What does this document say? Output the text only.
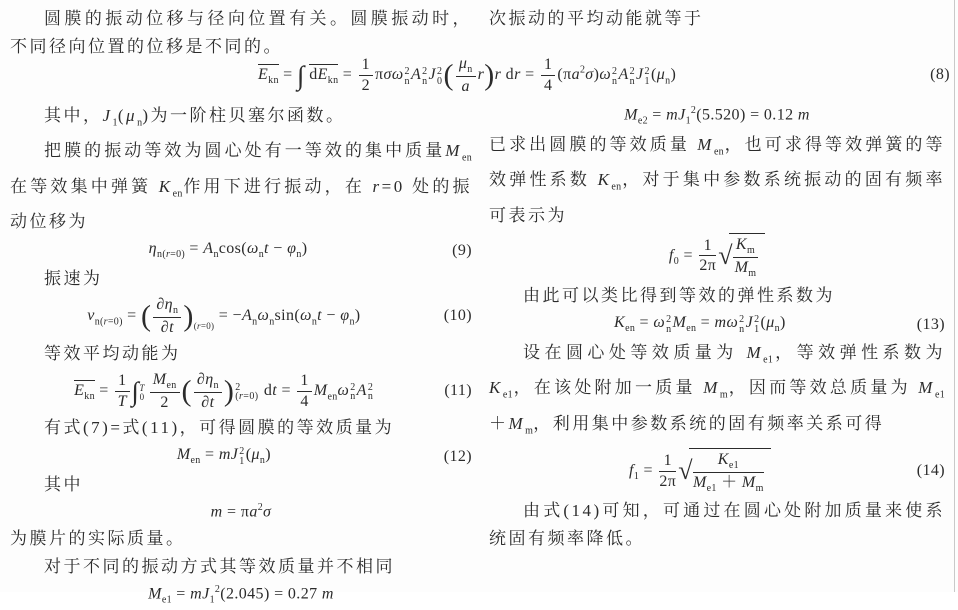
圆膜的振动位移与径向位置有关。圆膜振动时，不同径向位置的位移是不同的。

次振动的平均动能就等于

$E_{kn}$ = ∫ $dE_{kn} = \frac{1}{2}$ πσω 2
n A 2
n J 2
0 ( $\frac{\mu_n}{a} r)r$ dr = $\frac{1}{4} (\pi a^2\sigma)\omega$ 2
n A 2
n J 2
1 $(\mu_n)$	(8)

其中，$J_1(\mu_n)$为一阶柱贝塞尔函数。

把膜的振动等效为圆心处有一等效的集中质量$M_{en}$在等效集中弹簧 $K_{en}$作用下进行振动，在 r=0 处的振动位移为

$\eta_{n(r=0)} = A_n\cos(\omega_nt - \varphi_n)$	(9)

振速为

$v_{n(r=0)}$ = ( $\frac{\partial\eta_n}{\partial t} )_{(r=0)} = -A_n\omega_n\sin(\omega_nt - \varphi_n)$	(10)

等效平均动能为

$E_{kn} = \frac{1}{T}$ ∫ T
0
$M_{en}$
2 ( $\frac{\partial\eta_n}{\partial t}$ ) 2
(r=0) dt = $\frac{1}{4} M_{en}\omega$ 2
n A 2
n	(11)

有式(7)=式(11)，可得圆膜的等效质量为

$M_{en}$ = mJ 2
1 $(\mu_n)$	(12)

其中

$m = \pi a^2\sigma$

为膜片的实际质量。

对于不同的振动方式其等效质量并不相同

$M_{e1} = mJ_1^2(2.045) = 0.27$ m
$M_{e2} = mJ_1^2(5.520) = 0.12$ m

已求出圆膜的等效质量 $M_{en}$，也可求得等效弹簧的等效弹性系数 $K_{en}$，对于集中参数系统振动的固有频率可表示为

$f_0 = \frac{1}{2\pi}$ √ $\frac{K_m}{M_m}$

由此可以类比得到等效的弹性系数为

$K_{en} = \omega$ 2
n $M_{en} = m\omega$ 2
n J 2
1 $(\mu_n)$	(13)

设在圆心处等效质量为 $M_{e1}$，等效弹性系数为 $K_{e1}$，在该处附加一质量 $M_m$，因而等效总质量为 $M_{e1}+M_m$，利用集中参数系统的固有频率关系可得

$f_1 = \frac{1}{2\pi}$ √ $\frac{K_{e1}}{M_{e1} + M_m}$	(14)

由式(14)可知，可通过在圆心处附加质量来使系统固有频率降低。
